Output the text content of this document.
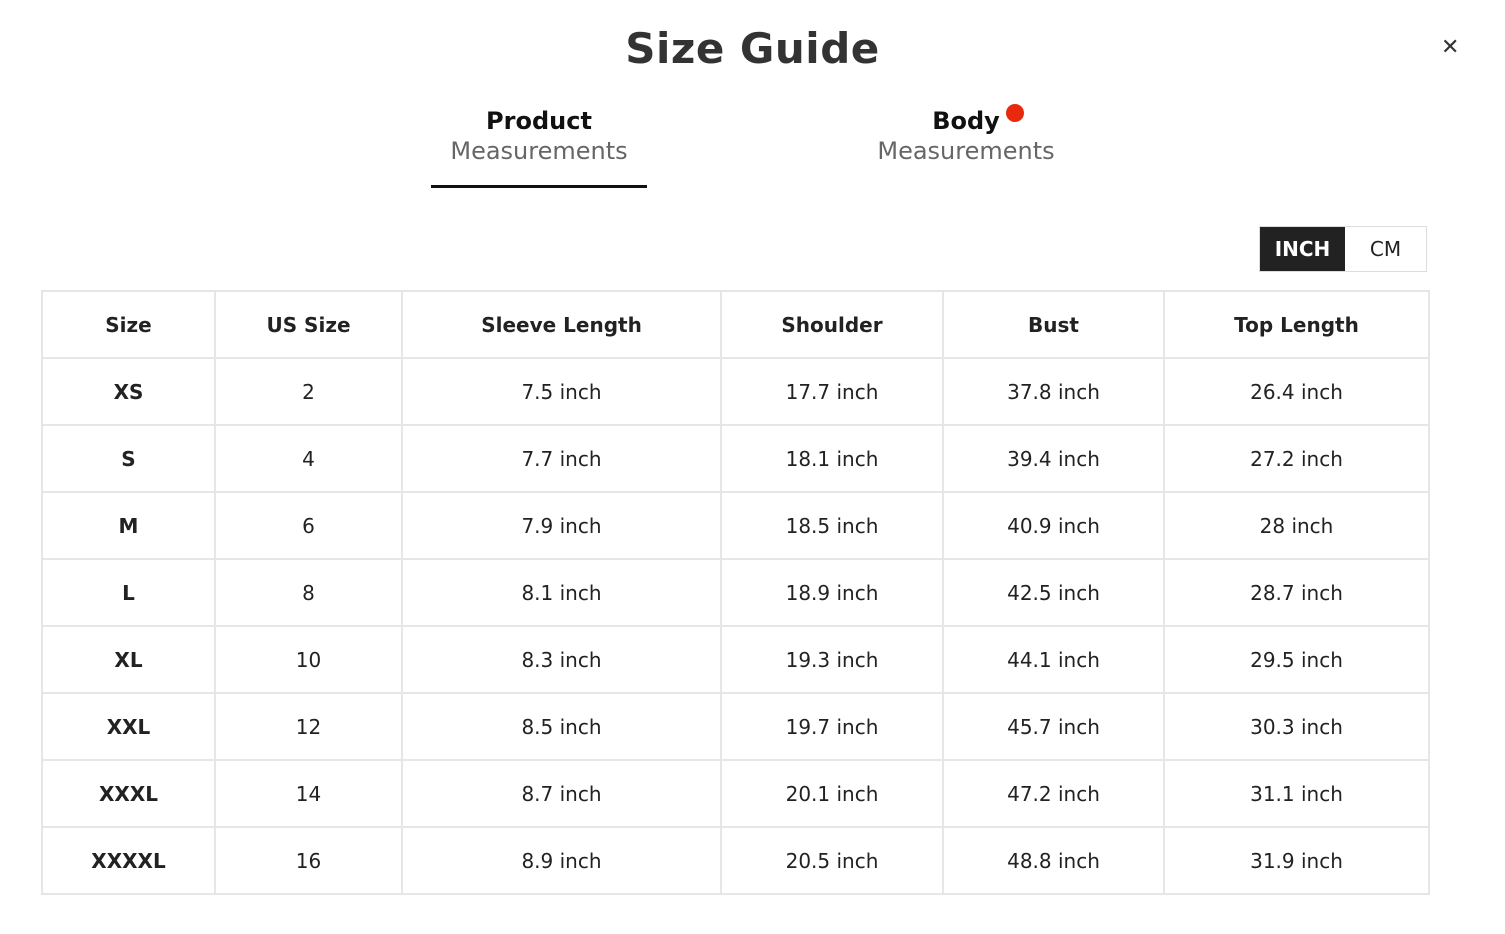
Size Guide	✕
Product
Measurements
Body
Measurements
INCH	CM
Size	US Size	Sleeve Length	Shoulder	Bust	Top Length
XS	2	7.5 inch	17.7 inch	37.8 inch	26.4 inch
S	4	7.7 inch	18.1 inch	39.4 inch	27.2 inch
M	6	7.9 inch	18.5 inch	40.9 inch	28 inch
L	8	8.1 inch	18.9 inch	42.5 inch	28.7 inch
XL	10	8.3 inch	19.3 inch	44.1 inch	29.5 inch
XXL	12	8.5 inch	19.7 inch	45.7 inch	30.3 inch
XXXL	14	8.7 inch	20.1 inch	47.2 inch	31.1 inch
XXXXL	16	8.9 inch	20.5 inch	48.8 inch	31.9 inch
